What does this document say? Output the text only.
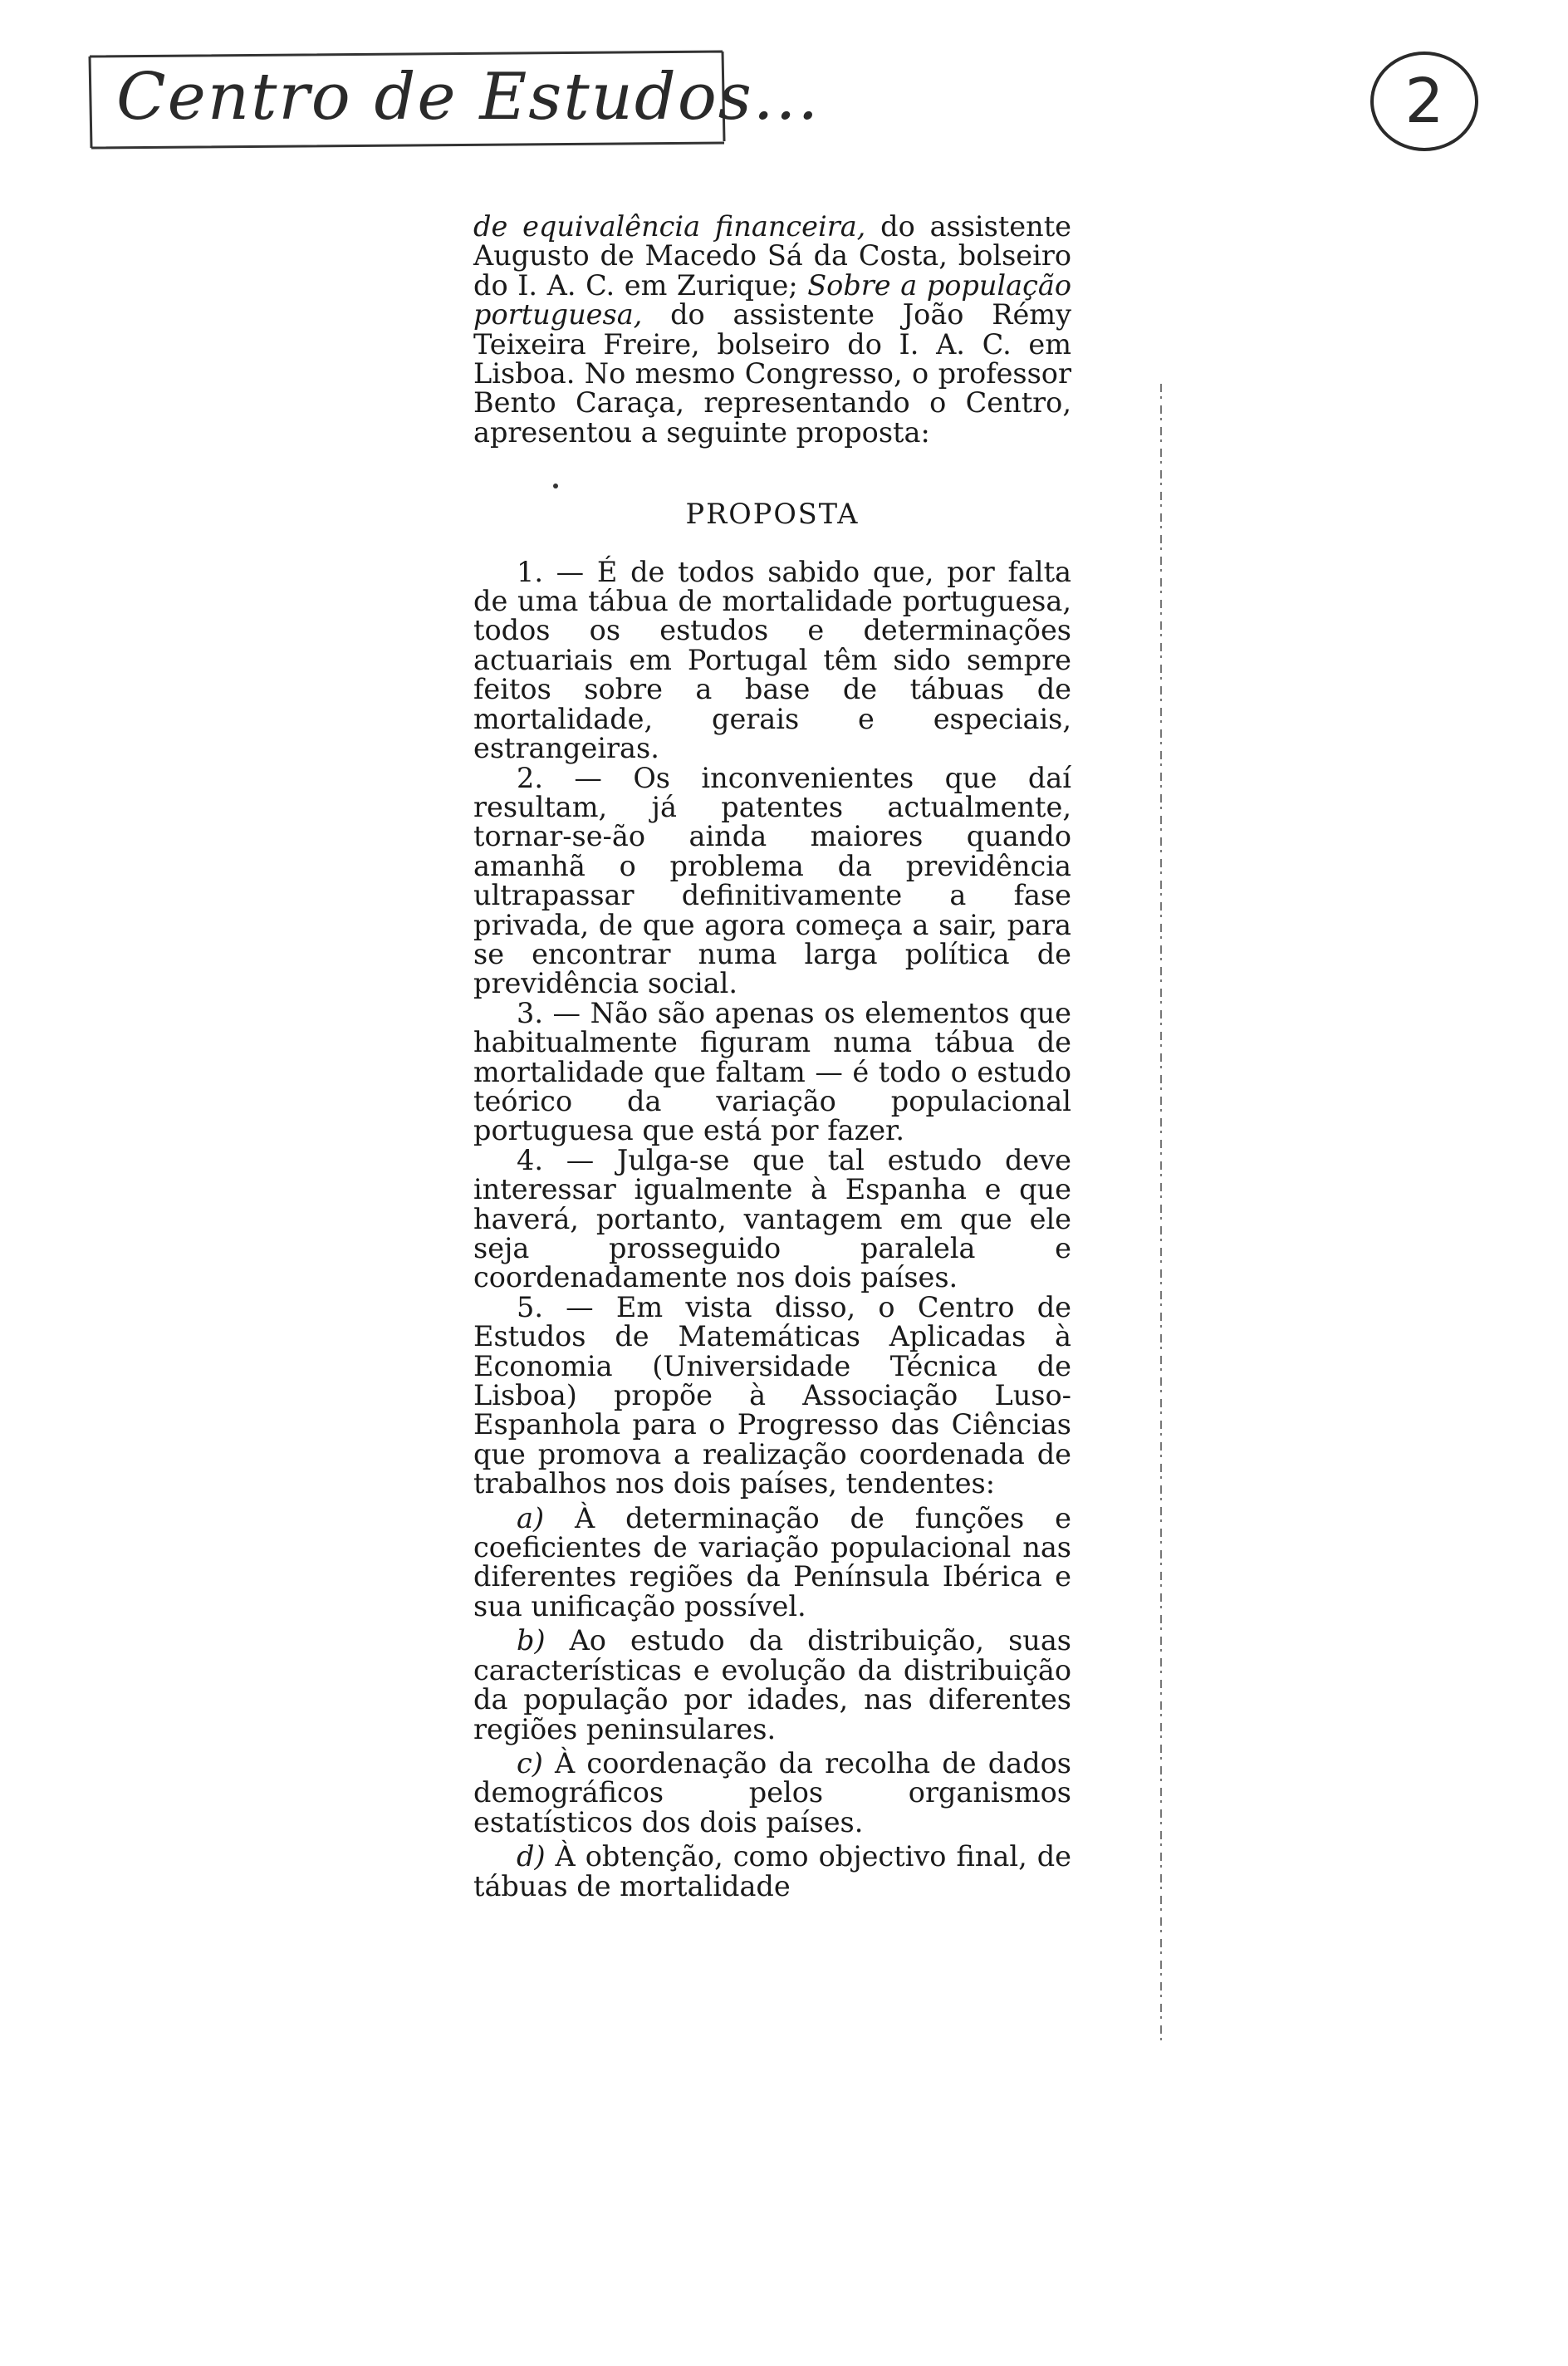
Centro de Estudos...	2

de equivalência financeira, do assistente Augusto de Macedo Sá da Costa, bolseiro do I. A. C. em Zurique; Sobre a população portuguesa, do assistente João Rémy Teixeira Freire, bolseiro do I. A. C. em Lisboa. No mesmo Congresso, o professor Bento Caraça, representando o Centro, apresentou a seguinte proposta:

PROPOSTA

1. — É de todos sabido que, por falta de uma tábua de mortalidade portuguesa, todos os estudos e determinações actuariais em Portugal têm sido sempre feitos sobre a base de tábuas de mortalidade, gerais e especiais, estrangeiras.

2. — Os inconvenientes que daí resultam, já patentes actualmente, tornar-se-ão ainda maiores quando amanhã o problema da previdência ultrapassar definitivamente a fase privada, de que agora começa a sair, para se encontrar numa larga política de previdência social.

3. — Não são apenas os elementos que habitualmente figuram numa tábua de mortalidade que faltam — é todo o estudo teórico da variação populacional portuguesa que está por fazer.

4. — Julga-se que tal estudo deve interessar igualmente à Espanha e que haverá, portanto, vantagem em que ele seja prosseguido paralela e coordenadamente nos dois países.

5. — Em vista disso, o Centro de Estudos de Matemáticas Aplicadas à Economia (Universidade Técnica de Lisboa) propõe à Associação Luso-Espanhola para o Progresso das Ciências que promova a realização coordenada de trabalhos nos dois países, tendentes:

a) À determinação de funções e coeficientes de variação populacional nas diferentes regiões da Península Ibérica e sua unificação possível.

b) Ao estudo da distribuição, suas características e evolução da distribuição da população por idades, nas diferentes regiões peninsulares.

c) À coordenação da recolha de dados demográficos pelos organismos estatísticos dos dois países.

d) À obtenção, como objectivo final, de tábuas de mortalidade
